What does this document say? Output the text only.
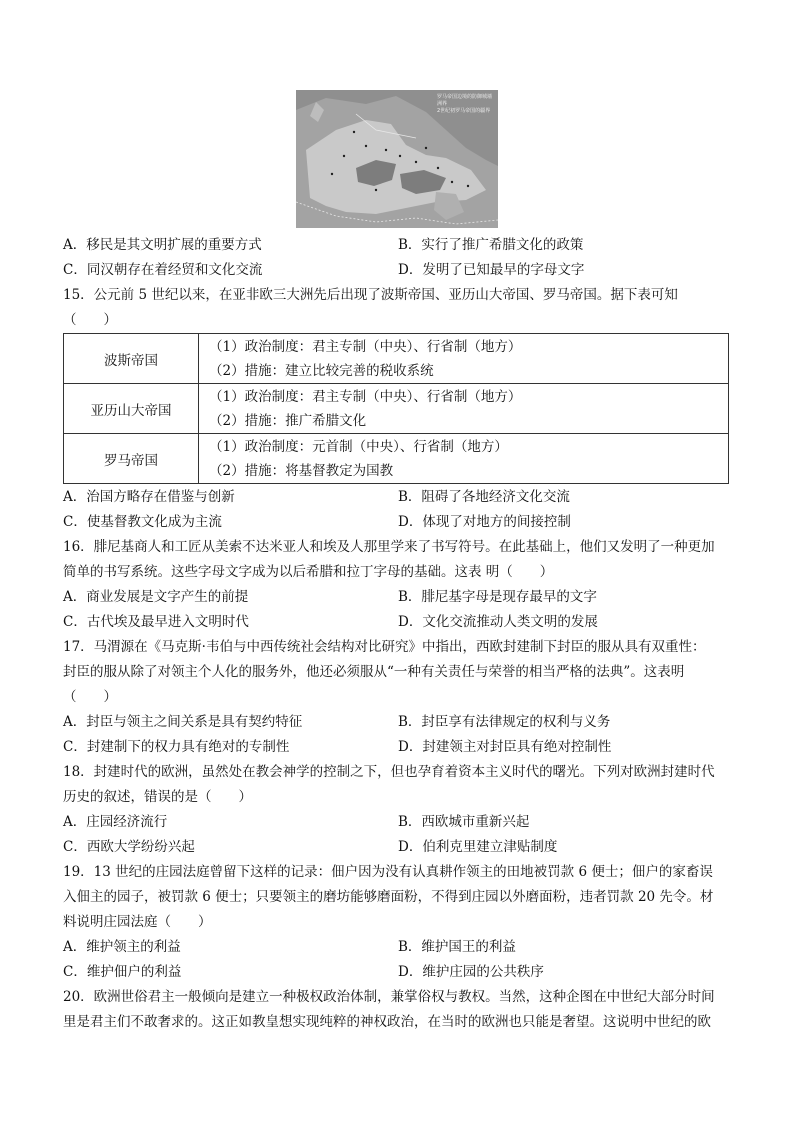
罗马帝国边境的防御城墙
洲界
2世纪初罗马帝国的疆界
A．移民是其文明扩展的重要方式	B．实行了推广希腊文化的政策
C．同汉朝存在着经贸和文化交流	D．发明了已知最早的字母文字
15．公元前 5 世纪以来，在亚非欧三大洲先后出现了波斯帝国、亚历山大帝国、罗马帝国。据下表可知
（　　）
波斯帝国	（1）政治制度：君主专制（中央）、行省制（地方）
（2）措施：建立比较完善的税收系统

亚历山大帝国	（1）政治制度：君主专制（中央）、行省制（地方）
（2）措施：推广希腊文化

罗马帝国	（1）政治制度：元首制（中央）、行省制（地方）
（2）措施：将基督教定为国教
A．治国方略存在借鉴与创新	B．阻碍了各地经济文化交流
C．使基督教文化成为主流	D．体现了对地方的间接控制
16．腓尼基商人和工匠从美索不达米亚人和埃及人那里学来了书写符号。在此基础上，他们又发明了一种更加
简单的书写系统。这些字母文字成为以后希腊和拉丁字母的基础。这表 明（　　）
A．商业发展是文字产生的前提	B．腓尼基字母是现存最早的文字
C．古代埃及最早进入文明时代	D．文化交流推动人类文明的发展
17．马渭源在《马克斯·韦伯与中西传统社会结构对比研究》中指出，西欧封建制下封臣的服从具有双重性：
封臣的服从除了对领主个人化的服务外，他还必须服从“一种有关责任与荣誉的相当严格的法典”。这表明
（　　）
A．封臣与领主之间关系是具有契约特征	B．封臣享有法律规定的权利与义务
C．封建制下的权力具有绝对的专制性	D．封建领主对封臣具有绝对控制性
18．封建时代的欧洲，虽然处在教会神学的控制之下，但也孕育着资本主义时代的曙光。下列对欧洲封建时代
历史的叙述，错误的是（　　）
A．庄园经济流行	B．西欧城市重新兴起
C．西欧大学纷纷兴起	D．伯利克里建立津贴制度
19．13 世纪的庄园法庭曾留下这样的记录：佃户因为没有认真耕作领主的田地被罚款 6 便士；佃户的家畜误
入佃主的园子，被罚款 6 便士；只要领主的磨坊能够磨面粉，不得到庄园以外磨面粉，违者罚款 20 先令。材
料说明庄园法庭（　　）
A．维护领主的利益	B．维护国王的利益
C．维护佃户的利益	D．维护庄园的公共秩序
20．欧洲世俗君主一般倾向是建立一种极权政治体制，兼掌俗权与教权。当然，这种企图在中世纪大部分时间
里是君主们不敢奢求的。这正如教皇想实现纯粹的神权政治，在当时的欧洲也只能是奢望。这说明中世纪的欧
